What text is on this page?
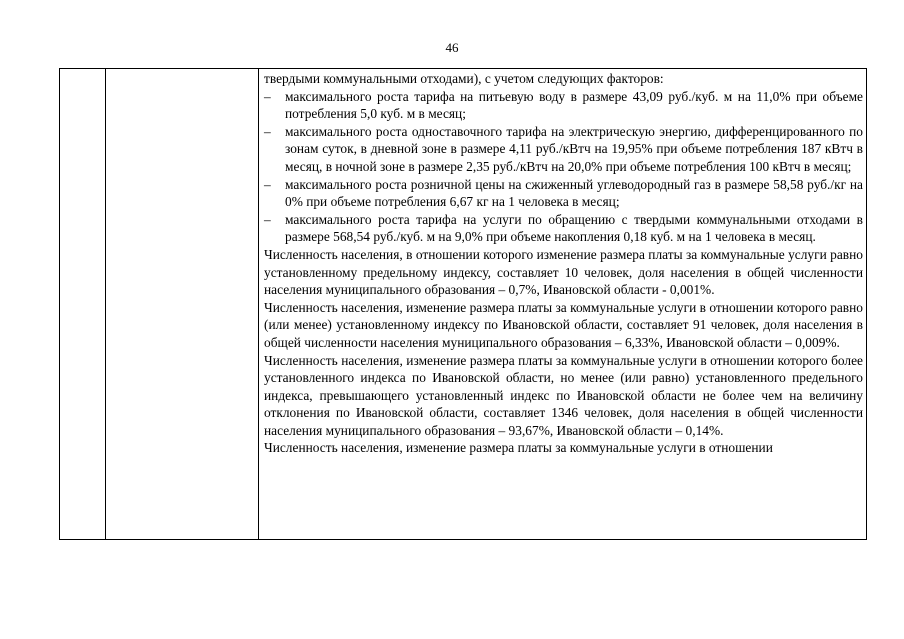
46

твердыми коммунальными отходами), с учетом следующих факторов:

– максимального роста тарифа на питьевую воду в размере 43,09 руб./куб. м на 11,0% при объеме потребления 5,0 куб. м в месяц;
– максимального роста одноставочного тарифа на электрическую энергию, дифференцированного по зонам суток, в дневной зоне в размере 4,11 руб./кВтч на 19,95% при объеме потребления 187 кВтч в месяц, в ночной зоне в размере 2,35 руб./кВтч на 20,0% при объеме потребления 100 кВтч в месяц;
– максимального роста розничной цены на сжиженный углеводородный газ в размере 58,58 руб./кг на 0% при объеме потребления 6,67 кг на 1 человека в месяц;
– максимального роста тарифа на услуги по обращению с твердыми коммунальными отходами в размере 568,54 руб./куб. м на 9,0% при объеме накопления 0,18 куб. м на 1 человека в месяц.

Численность населения, в отношении которого изменение размера платы за коммунальные услуги равно установленному предельному индексу, составляет 10 человек, доля населения в общей численности населения муниципального образования – 0,7%, Ивановской области - 0,001%.

Численность населения, изменение размера платы за коммунальные услуги в отношении которого равно (или менее) установленному индексу по Ивановской области, составляет 91 человек, доля населения в общей численности населения муниципального образования – 6,33%, Ивановской области – 0,009%.

Численность населения, изменение размера платы за коммунальные услуги в отношении которого более установленного индекса по Ивановской области, но менее (или равно) установленного предельного индекса, превышающего установленный индекс по Ивановской области не более чем на величину отклонения по Ивановской области, составляет 1346 человек, доля населения в общей численности населения муниципального образования – 93,67%, Ивановской области – 0,14%.

Численность населения, изменение размера платы за коммунальные услуги в отношении
